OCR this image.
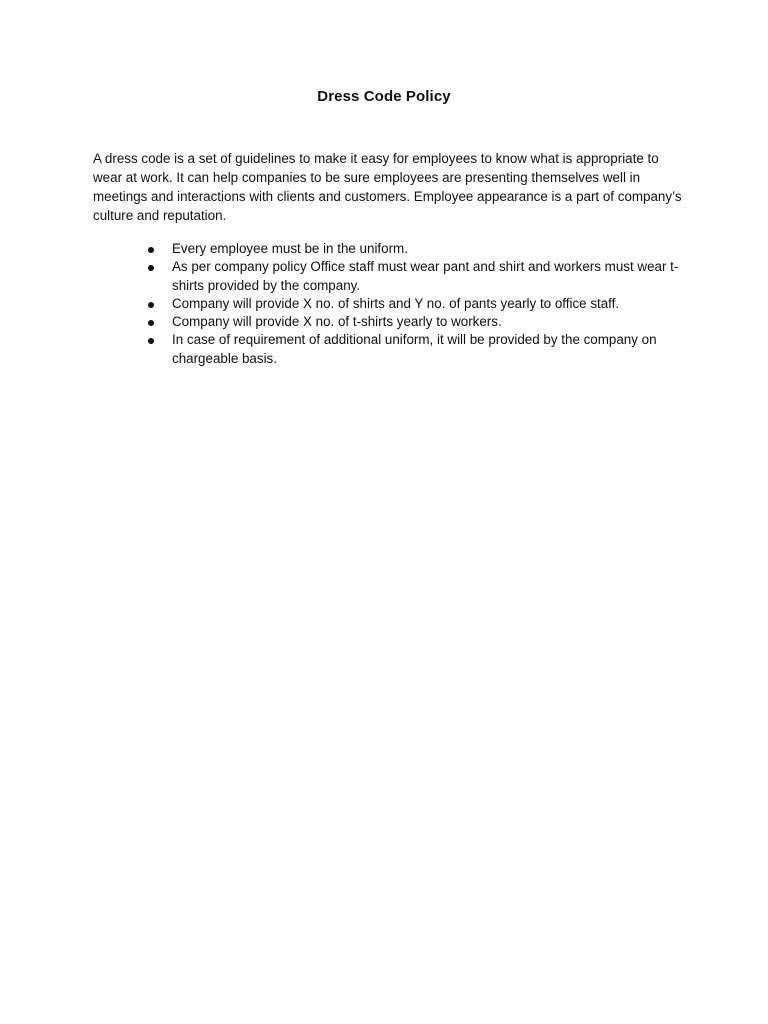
Dress Code Policy

A dress code is a set of guidelines to make it easy for employees to know what is appropriate to wear at work. It can help companies to be sure employees are presenting themselves well in meetings and interactions with clients and customers. Employee appearance is a part of company’s culture and reputation.

Every employee must be in the uniform.
As per company policy Office staff must wear pant and shirt and workers must wear t-shirts provided by the company.
Company will provide X no. of shirts and Y no. of pants yearly to office staff.
Company will provide X no. of t-shirts yearly to workers.
In case of requirement of additional uniform, it will be provided by the company on chargeable basis.
